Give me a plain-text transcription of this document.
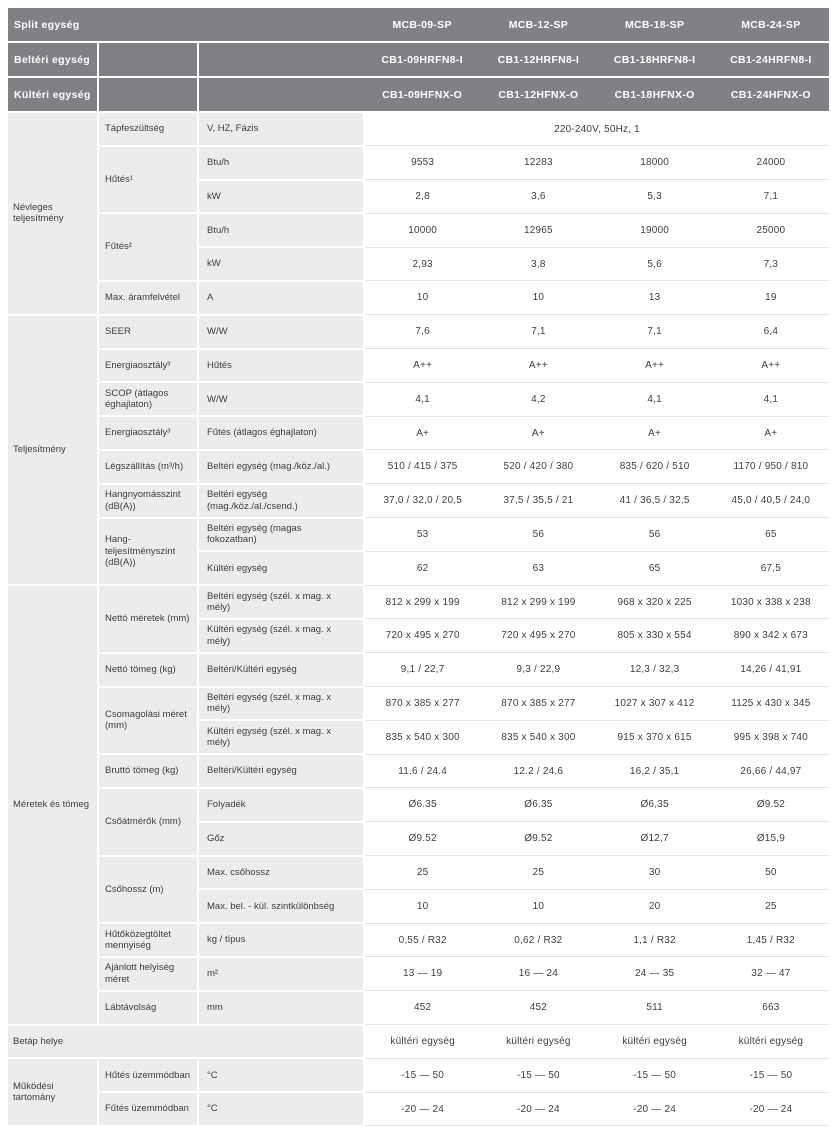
Split egység			MCB-09-SP	MCB-12-SP	MCB-18-SP	MCB-24-SP
Beltéri egység			CB1-09HRFN8-I	CB1-12HRFN8-I	CB1-18HRFN8-I	CB1-24HRFN8-I
Kültéri egység			CB1-09HFNX-O	CB1-12HFNX-O	CB1-18HFNX-O	CB1-24HFNX-O
Névleges teljesítmény	Tápfeszültség	V, HZ, Fázis	220-240V, 50Hz, 1			
	Hűtés¹	Btu/h	9553	12283	18000	24000
		kW	2,8	3,6	5,3	7,1
	Fűtés²	Btu/h	10000	12965	19000	25000
		kW	2,93	3,8	5,6	7,3
	Max. áramfelvétel	A	10	10	13	19
Teljesítmény	SEER	W/W	7,6	7,1	7,1	6,4
	Energiaosztály³	Hűtés	A++	A++	A++	A++
	SCOP (átlagos éghajlaton)	W/W	4,1	4,2	4,1	4,1
	Energiaosztály³	Fűtés (átlagos éghajlaton)	A+	A+	A+	A+
	Légszállítás (m³/h)	Beltéri egység (mag./köz./al.)	510 / 415 / 375	520 / 420 / 380	835 / 620 / 510	1170 / 950 / 810
	Hangnyomásszint (dB(A))	Beltéri egység (mag./köz./al./csend.)	37,0 / 32,0 / 20,5	37,5 / 35,5 / 21	41 / 36,5 / 32,5	45,0 / 40,5 / 24,0
	Hang-teljesítményszint (dB(A))	Beltéri egység (magas fokozatban)	53	56	56	65
		Kültéri egység	62	63	65	67,5
Méretek és tömeg	Nettó méretek (mm)	Beltéri egység (szél. x mag. x mély)	812 x 299 x 199	812 x 299 x 199	968 x 320 x 225	1030 x 338 x 238
		Kültéri egység (szél. x mag. x mély)	720 x 495 x 270	720 x 495 x 270	805 x 330 x 554	890 x 342 x 673
	Nettó tömeg (kg)	Beltéri/Kültéri egység	9,1 / 22,7	9,3 / 22,9	12,3 / 32,3	14,26 / 41,91
	Csomagolási méret (mm)	Beltéri egység (szél. x mag. x mély)	870 x 385 x 277	870 x 385 x 277	1027 x 307 x 412	1125 x 430 x 345
		Kültéri egység (szél. x mag. x mély)	835 x 540 x 300	835 x 540 x 300	915 x 370 x 615	995 x 398 x 740
	Bruttó tömeg (kg)	Beltéri/Kültéri egység	11.6 / 24.4	12.2 / 24.6	16,2 / 35,1	26,66 / 44,97
	Csőátmérők (mm)	Folyadék	Ø6.35	Ø6.35	Ø6,35	Ø9.52
		Gőz	Ø9.52	Ø9.52	Ø12,7	Ø15,9
	Csőhossz (m)	Max. csőhossz	25	25	30	50
		Max. bel. - kül. szintkülönbség	10	10	20	25
	Hűtőközegtöltet mennyiség	kg / típus	0,55 / R32	0,62 / R32	1,1 / R32	1,45 / R32
	Ajánlott helyiség méret	m²	13 — 19	16 — 24	24 — 35	32 — 47
	Lábtávolság	mm	452	452	511	663
Betáp helye			kültéri egység	kültéri egység	kültéri egység	kültéri egység
Működési tartomány	Hűtés üzemmódban	°C	-15 — 50	-15 — 50	-15 — 50	-15 — 50
	Fűtés üzemmódban	°C	-20 — 24	-20 — 24	-20 — 24	-20 — 24
